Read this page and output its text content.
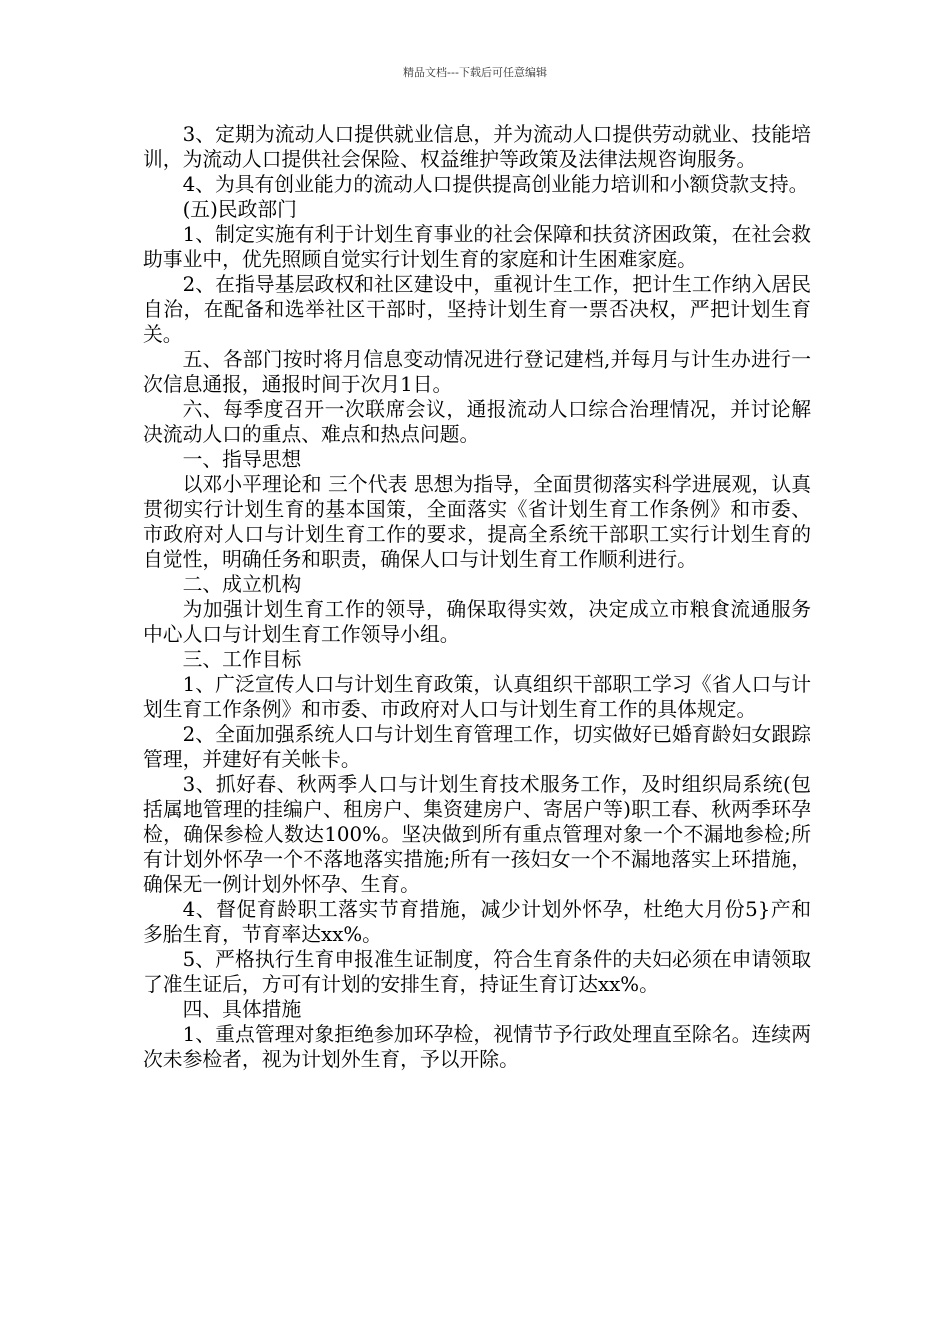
精品文档---下载后可任意编辑

3、定期为流动人口提供就业信息，并为流动人口提供劳动就业、技能培训，为流动人口提供社会保险、权益维护等政策及法律法规咨询服务。

4、为具有创业能力的流动人口提供提高创业能力培训和小额贷款支持。

(五)民政部门

1、制定实施有利于计划生育事业的社会保障和扶贫济困政策，在社会救助事业中，优先照顾自觉实行计划生育的家庭和计生困难家庭。

2、在指导基层政权和社区建设中，重视计生工作，把计生工作纳入居民自治，在配备和选举社区干部时，坚持计划生育一票否决权，严把计划生育关。

五、各部门按时将月信息变动情况进行登记建档,并每月与计生办进行一次信息通报，通报时间于次月1日。

六、每季度召开一次联席会议，通报流动人口综合治理情况，并讨论解决流动人口的重点、难点和热点问题。

一、指导思想

以邓小平理论和 三个代表 思想为指导，全面贯彻落实科学进展观，认真贯彻实行计划生育的基本国策，全面落实《省计划生育工作条例》和市委、市政府对人口与计划生育工作的要求，提高全系统干部职工实行计划生育的自觉性，明确任务和职责，确保人口与计划生育工作顺利进行。

二、成立机构

为加强计划生育工作的领导，确保取得实效，决定成立市粮食流通服务中心人口与计划生育工作领导小组。

三、工作目标

1、广泛宣传人口与计划生育政策，认真组织干部职工学习《省人口与计划生育工作条例》和市委、市政府对人口与计划生育工作的具体规定。

2、全面加强系统人口与计划生育管理工作，切实做好已婚育龄妇女跟踪管理，并建好有关帐卡。

3、抓好春、秋两季人口与计划生育技术服务工作，及时组织局系统(包括属地管理的挂编户、租房户、集资建房户、寄居户等)职工春、秋两季环孕检，确保参检人数达100%。坚决做到所有重点管理对象一个不漏地参检;所有计划外怀孕一个不落地落实措施;所有一孩妇女一个不漏地落实上环措施，确保无一例计划外怀孕、生育。

4、督促育龄职工落实节育措施，减少计划外怀孕，杜绝大月份5}产和多胎生育，节育率达xx%。

5、严格执行生育申报准生证制度，符合生育条件的夫妇必须在申请领取了准生证后，方可有计划的安排生育，持证生育订达xx%。

四、具体措施

1、重点管理对象拒绝参加环孕检，视情节予行政处理直至除名。连续两次未参检者，视为计划外生育，予以开除。
